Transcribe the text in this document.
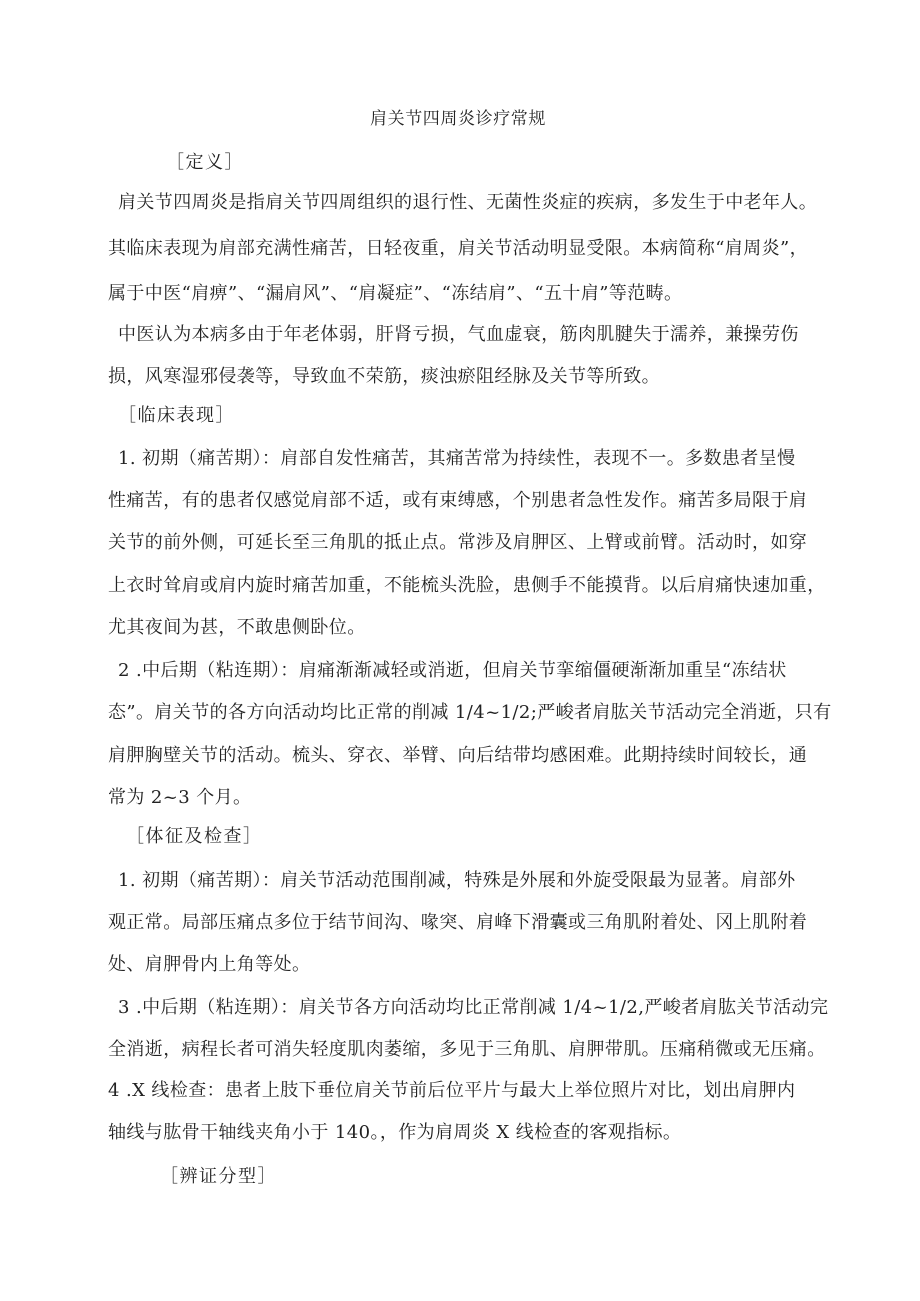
肩关节四周炎诊疗常规
［定义］
肩关节四周炎是指肩关节四周组织的退行性、无菌性炎症的疾病，多发生于中老年人。
其临床表现为肩部充满性痛苦，日轻夜重，肩关节活动明显受限。本病简称“肩周炎”，
属于中医“肩痹”、“漏肩风”、“肩凝症”、“冻结肩”、“五十肩”等范畴。
中医认为本病多由于年老体弱，肝肾亏损，气血虚衰，筋肉肌腱失于濡养，兼操劳伤
损，风寒湿邪侵袭等，导致血不荣筋，痰浊瘀阻经脉及关节等所致。
［临床表现］
1. 初期（痛苦期）：肩部自发性痛苦，其痛苦常为持续性，表现不一。多数患者呈慢
性痛苦，有的患者仅感觉肩部不适，或有束缚感，个别患者急性发作。痛苦多局限于肩
关节的前外侧，可延长至三角肌的抵止点。常涉及肩胛区、上臂或前臂。活动时，如穿
上衣时耸肩或肩内旋时痛苦加重，不能梳头洗脸，患侧手不能摸背。以后肩痛快速加重，
尤其夜间为甚，不敢患侧卧位。
2 .中后期（粘连期）：肩痛渐渐减轻或消逝，但肩关节挛缩僵硬渐渐加重呈“冻结状
态”。肩关节的各方向活动均比正常的削减 1/4~1/2;严峻者肩肱关节活动完全消逝，只有
肩胛胸壁关节的活动。梳头、穿衣、举臂、向后结带均感困难。此期持续时间较长，通
常为 2~3 个月。
［体征及检查］
1. 初期（痛苦期）：肩关节活动范围削减，特殊是外展和外旋受限最为显著。肩部外
观正常。局部压痛点多位于结节间沟、喙突、肩峰下滑囊或三角肌附着处、冈上肌附着
处、肩胛骨内上角等处。
3 .中后期（粘连期）：肩关节各方向活动均比正常削减 1/4~1/2,严峻者肩肱关节活动完
全消逝，病程长者可消失轻度肌肉萎缩，多见于三角肌、肩胛带肌。压痛稍微或无压痛。
4 .X 线检查：患者上肢下垂位肩关节前后位平片与最大上举位照片对比，划出肩胛内
轴线与肱骨干轴线夹角小于 140。，作为肩周炎 X 线检查的客观指标。
［辨证分型］
